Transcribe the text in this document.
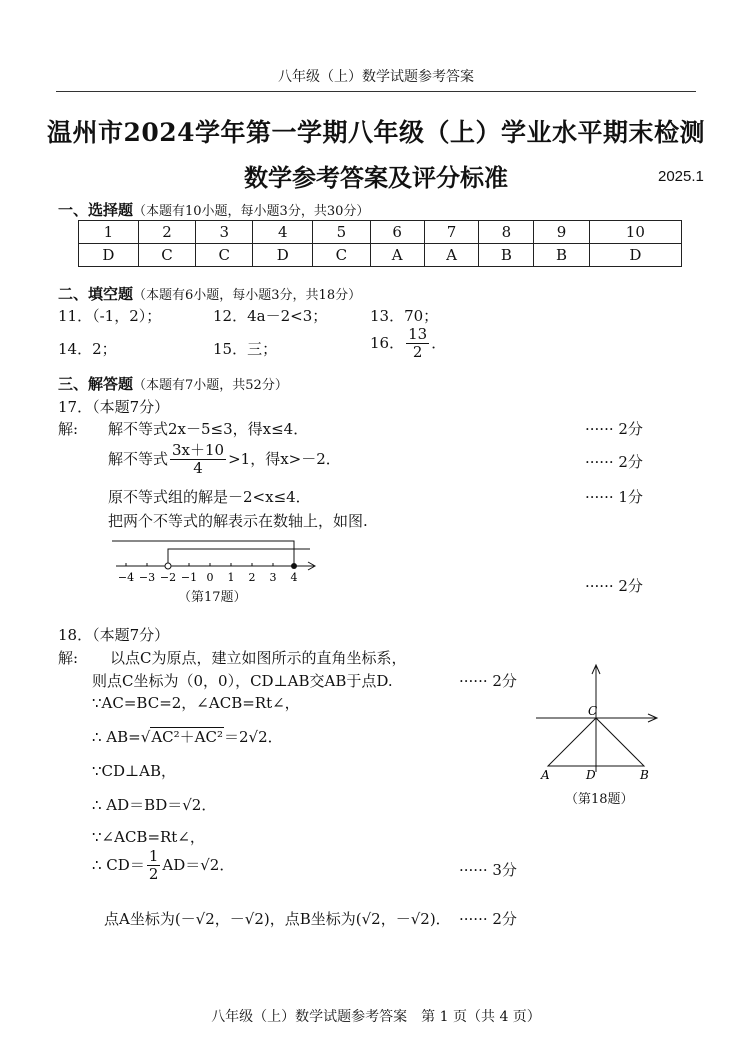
八年级（上）数学试题参考答案
温州市2024学年第一学期八年级（上）学业水平期末检测
数学参考答案及评分标准	2025.1
一、选择题（本题有10小题，每小题3分，共30分）
1	2	3	4	5	6	7	8	9	10
D	C	C	D	C	A	A	B	B	D
二、填空题（本题有6小题，每小题3分，共18分）
11．（-1，2）；	12．4a－2<3；	13．70；
14．2；	15．三；	16． $\frac{13}{2}$ ．
三、解答题（本题有7小题，共52分）
17．（本题7分）
解: 解不等式2x－5≤3，得x≤4．	······ 2分
解不等式 $\frac{3x+10}{4} >1$，得x>－2．	······ 2分
原不等式组的解是－2<x≤4．	······ 1分
把两个不等式的解表示在数轴上，如图.
−4 −3 −2 −1 0 1 2 3 4
（第17题）
······ 2分
18．（本题7分）
解: 以点C为原点，建立如图所示的直角坐标系，
则点C坐标为（0，0），CD⊥AB交AB于点D.	······ 2分
∵AC=BC=2，∠ACB=Rt∠，
∴ AB=√AC²＋AC²＝2√2．
∵CD⊥AB，
∴ AD＝BD＝√2．
∵∠ACB=Rt∠，
∴ $CD= \frac{1}{2} AD=√2$．	······ 3分
点A坐标为(－√2，－√2)，点B坐标为(√2，－√2)． ······ 2分
C
A	D	B
（第18题）
八年级（上）数学试题参考答案　第 1 页（共 4 页）
